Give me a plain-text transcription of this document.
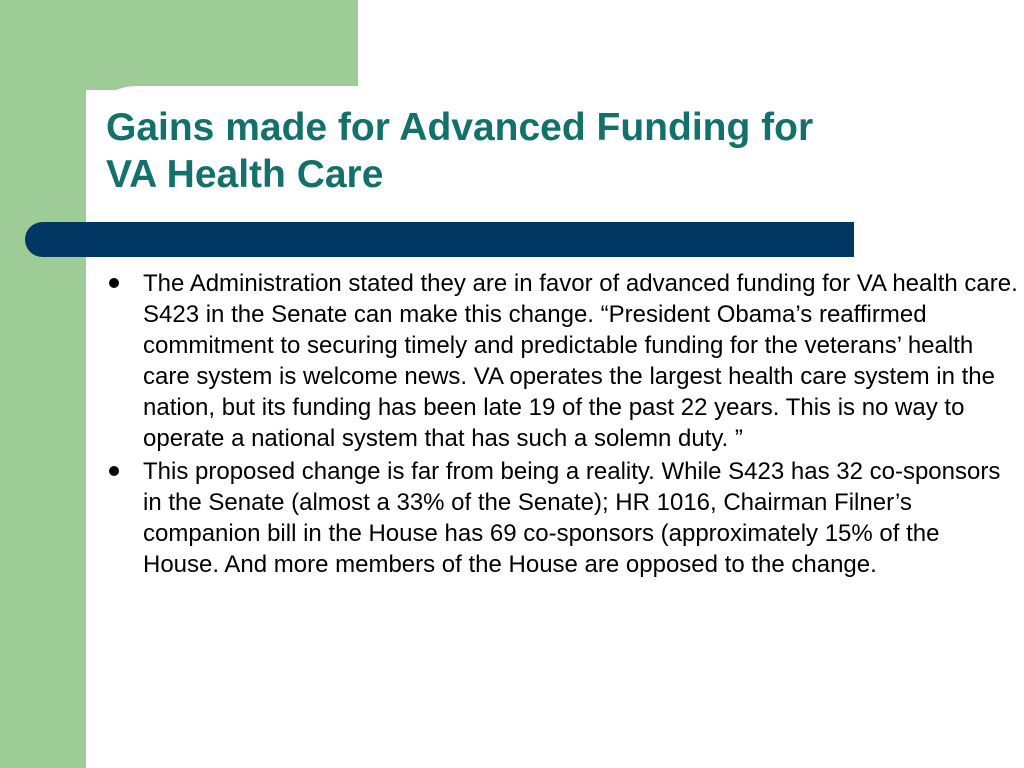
Gains made for Advanced Funding for
VA Health Care
The Administration stated they are in favor of advanced funding for VA health care. S423 in the Senate can make this change. “President Obama’s reaffirmed commitment to securing timely and predictable funding for the veterans’ health care system is welcome news. VA operates the largest health care system in the nation, but its funding has been late 19 of the past 22 years. This is no way to operate a national system that has such a solemn duty. ”
This proposed change is far from being a reality. While S423 has 32 co-sponsors in the Senate (almost a 33% of the Senate); HR 1016, Chairman Filner’s companion bill in the House has 69 co-sponsors (approximately 15% of the House. And more members of the House are opposed to the change.
